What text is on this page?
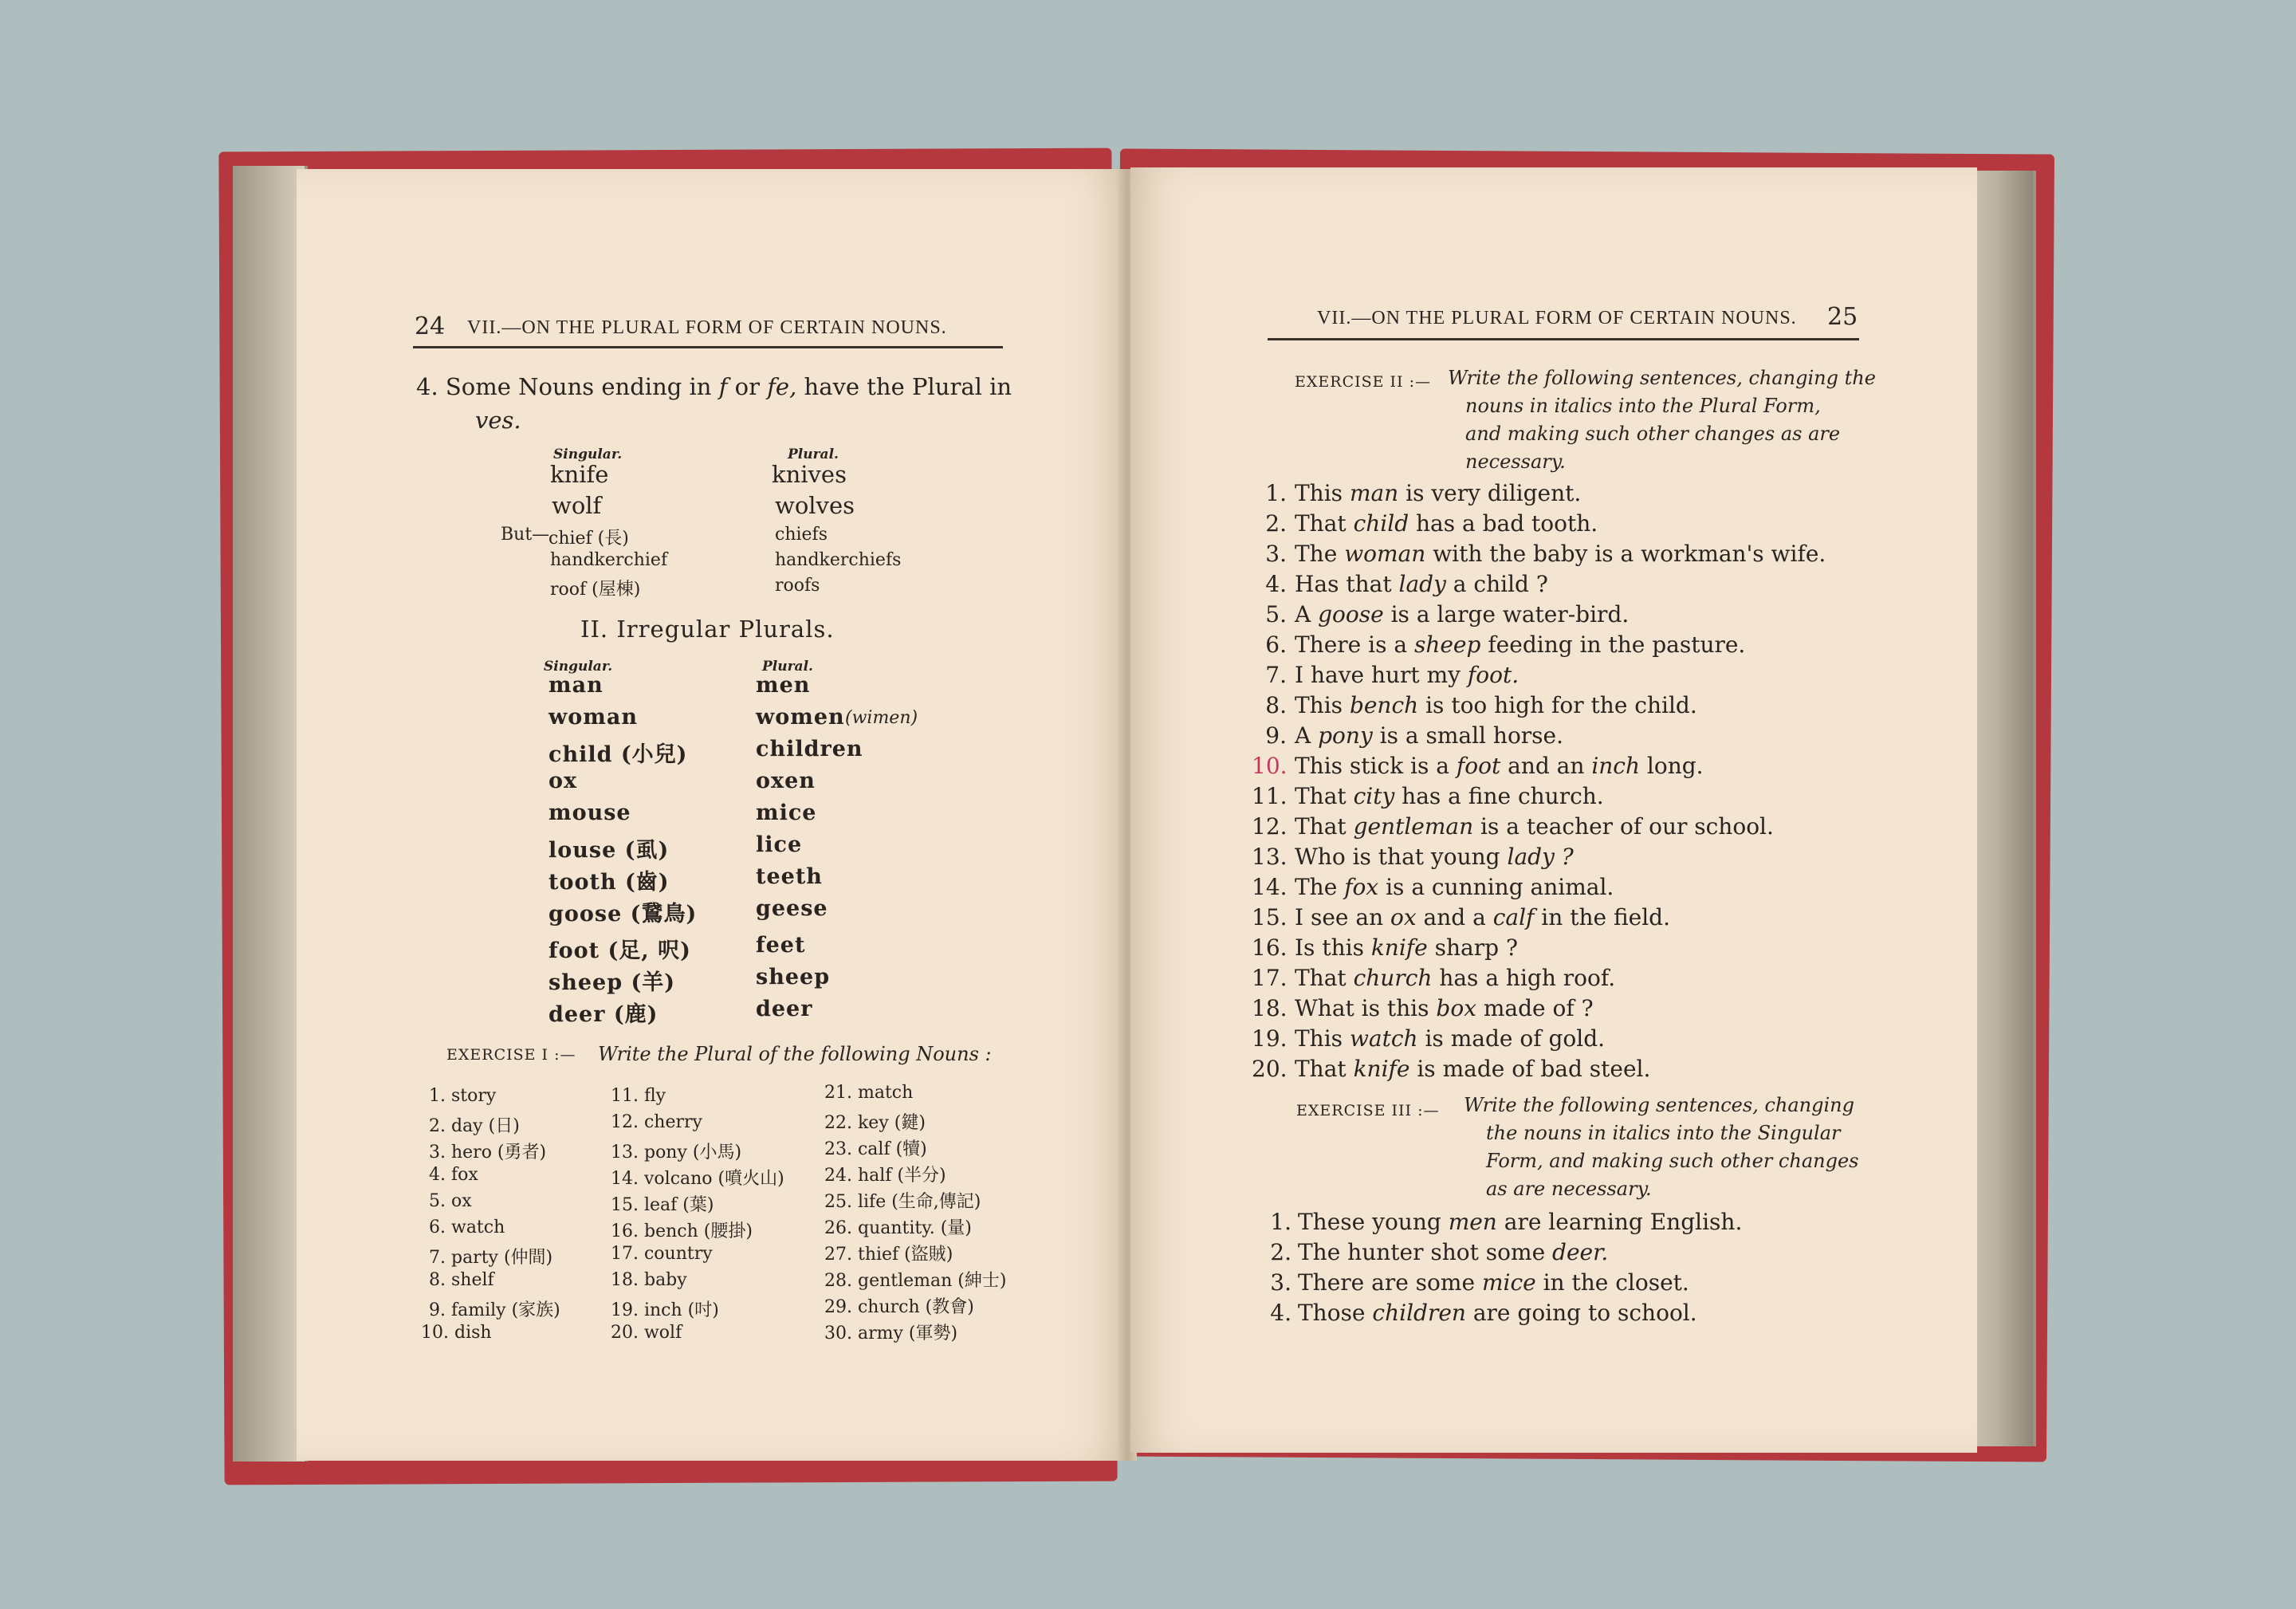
24 VII.—ON THE PLURAL FORM OF CERTAIN NOUNS.
4. Some Nouns ending in f or fe, have the Plural in
ves.
Singular.	Plural.
knife	knives
wolf	wolves
But—
chief (長)	chiefs
handkerchief	handkerchiefs
roof (屋棟)	roofs
II. Irregular Plurals.
Singular.	Plural.
man	men
woman	women (wimen)
child (小兒)	children
ox	oxen
mouse	mice
louse (虱)	lice
tooth (齒)	teeth
goose (鵞鳥)	geese
foot (足, 呎)	feet
sheep (羊)	sheep
deer (鹿)	deer
EXERCISE I :— Write the Plural of the following Nouns :
1. story
2. day (日)
3. hero (勇者)
4. fox
5. ox
6. watch
7. party (仲間)
8. shelf
9. family (家族)
10. dish
11. fly
12. cherry
13. pony (小馬)
14. volcano (噴火山)
15. leaf (葉)
16. bench (腰掛)
17. country
18. baby
19. inch (吋)
20. wolf
21. match
22. key (鍵)
23. calf (犢)
24. half (半分)
25. life (生命,傳記)
26. quantity. (量)
27. thief (盜賊)
28. gentleman (紳士)
29. church (教會)
30. army (軍勢)
VII.—ON THE PLURAL FORM OF CERTAIN NOUNS. 25
EXERCISE II :— Write the following sentences, changing the
nouns in italics into the Plural Form,
and making such other changes as are
necessary.
1. This man is very diligent.
2. That child has a bad tooth.
3. The woman with the baby is a workman's wife.
4. Has that lady a child ?
5. A goose is a large water-bird.
6. There is a sheep feeding in the pasture.
7. I have hurt my foot.
8. This bench is too high for the child.
9. A pony is a small horse.
10. This stick is a foot and an inch long.
11. That city has a fine church.
12. That gentleman is a teacher of our school.
13. Who is that young lady ?
14. The fox is a cunning animal.
15. I see an ox and a calf in the field.
16. Is this knife sharp ?
17. That church has a high roof.
18. What is this box made of ?
19. This watch is made of gold.
20. That knife is made of bad steel.
EXERCISE III :— Write the following sentences, changing
the nouns in italics into the Singular
Form, and making such other changes
as are necessary.
1. These young men are learning English.
2. The hunter shot some deer.
3. There are some mice in the closet.
4. Those children are going to school.
